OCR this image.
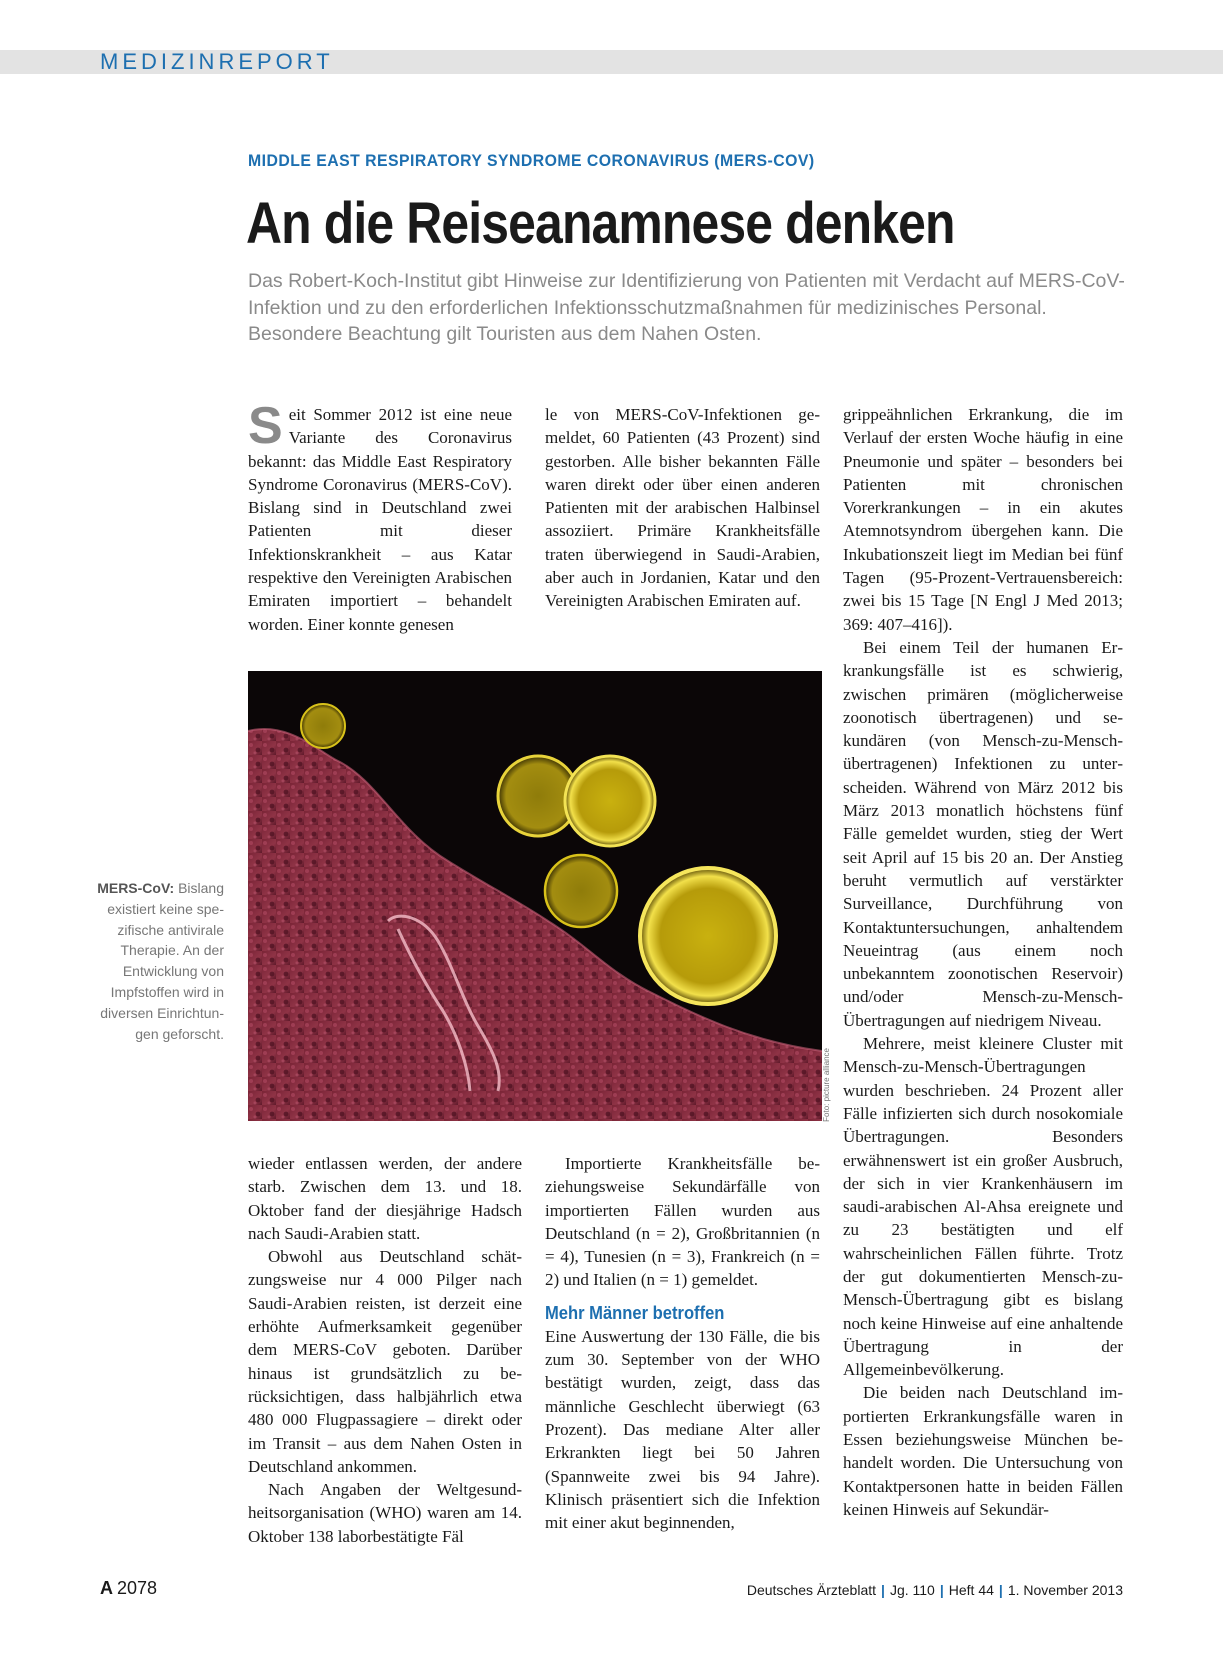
MEDIZINREPORT
MIDDLE EAST RESPIRATORY SYNDROME CORONAVIRUS (MERS-COV)
An die Reiseanamnese denken

Das Robert-Koch-Institut gibt Hinweise zur Identifizierung von Patienten mit Verdacht auf MERS-CoV-Infektion und zu den erforderlichen Infektionsschutzmaßnahmen für medizinisches Personal. Besondere Beachtung gilt Touristen aus dem Nahen Osten.

Seit Sommer 2012 ist eine neue Variante des Coronavirus bekannt: das Middle East Respiratory Syndrome Coronavirus (MERS-CoV). Bislang sind in Deutschland zwei Patienten mit dieser Infektionskrankheit – aus Katar respektive den Vereinigten Arabischen Emiraten importiert – behandelt worden. Einer konnte genesen

le von MERS-CoV-Infektionen gemeldet, 60 Patienten (43 Prozent) sind gestorben. Alle bisher bekannten Fälle waren direkt oder über einen anderen Patienten mit der arabischen Halbinsel assoziiert. Primäre Krankheitsfälle traten überwiegend in Saudi-Arabien, aber auch in Jordanien, Katar und den Vereinigten Arabischen Emiraten auf.

Foto: picture alliance
MERS-CoV: Bislang existiert keine spezifische antivirale Therapie. An der Entwicklung von Impfstoffen wird in diversen Einrichtungen geforscht.

wieder entlassen werden, der andere starb. Zwischen dem 13. und 18. Oktober fand der diesjährige Hadsch nach Saudi-Arabien statt.

Obwohl aus Deutschland schätzungsweise nur 4 000 Pilger nach Saudi-Arabien reisten, ist derzeit eine erhöhte Aufmerksamkeit gegenüber dem MERS-CoV geboten. Darüber hinaus ist grundsätzlich zu berücksichtigen, dass halbjährlich etwa 480 000 Flugpassagiere – direkt oder im Transit – aus dem Nahen Osten in Deutschland ankommen.

Nach Angaben der Weltgesundheitsorganisation (WHO) waren am 14. Oktober 138 laborbestätigte Fäl

Importierte Krankheitsfälle beziehungsweise Sekundärfälle von importierten Fällen wurden aus Deutschland (n = 2), Großbritannien (n = 4), Tunesien (n = 3), Frankreich (n = 2) und Italien (n = 1) gemeldet.

Mehr Männer betroffen

Eine Auswertung der 130 Fälle, die bis zum 30. September von der WHO bestätigt wurden, zeigt, dass das männliche Geschlecht überwiegt (63 Prozent). Das mediane Alter aller Erkrankten liegt bei 50 Jahren (Spannweite zwei bis 94 Jahre). Klinisch präsentiert sich die Infektion mit einer akut beginnenden,

grippeähnlichen Erkrankung, die im Verlauf der ersten Woche häufig in eine Pneumonie und später – besonders bei Patienten mit chronischen Vorerkrankungen – in ein akutes Atemnotsyndrom übergehen kann. Die Inkubationszeit liegt im Median bei fünf Tagen (95-Prozent-Vertrauensbereich: zwei bis 15 Tage [N Engl J Med 2013; 369: 407–416]).

Bei einem Teil der humanen Erkrankungsfälle ist es schwierig, zwischen primären (möglicherweise zoonotisch übertragenen) und sekundären (von Mensch-zu-Mensch-übertragenen) Infektionen zu unterscheiden. Während von März 2012 bis März 2013 monatlich höchstens fünf Fälle gemeldet wurden, stieg der Wert seit April auf 15 bis 20 an. Der Anstieg beruht vermutlich auf verstärkter Surveillance, Durchführung von Kontaktuntersuchungen, anhaltendem Neueintrag (aus einem noch unbekanntem zoonotischen Reservoir) und/oder Mensch-zu-Mensch-Übertragungen auf niedrigem Niveau.

Mehrere, meist kleinere Cluster mit Mensch-zu-Mensch-Übertragungen wurden beschrieben. 24 Prozent aller Fälle infizierten sich durch nosokomiale Übertragungen. Besonders erwähnenswert ist ein großer Ausbruch, der sich in vier Krankenhäusern im saudi-arabischen Al-Ahsa ereignete und zu 23 bestätigten und elf wahrscheinlichen Fällen führte. Trotz der gut dokumentierten Mensch-zu-Mensch-Übertragung gibt es bislang noch keine Hinweise auf eine anhaltende Übertragung in der Allgemeinbevölkerung.

Die beiden nach Deutschland importierten Erkrankungsfälle waren in Essen beziehungsweise München behandelt worden. Die Untersuchung von Kontaktpersonen hatte in beiden Fällen keinen Hinweis auf Sekundär-

A 2078	Deutsches Ärzteblatt | Jg. 110 | Heft 44 | 1. November 2013
